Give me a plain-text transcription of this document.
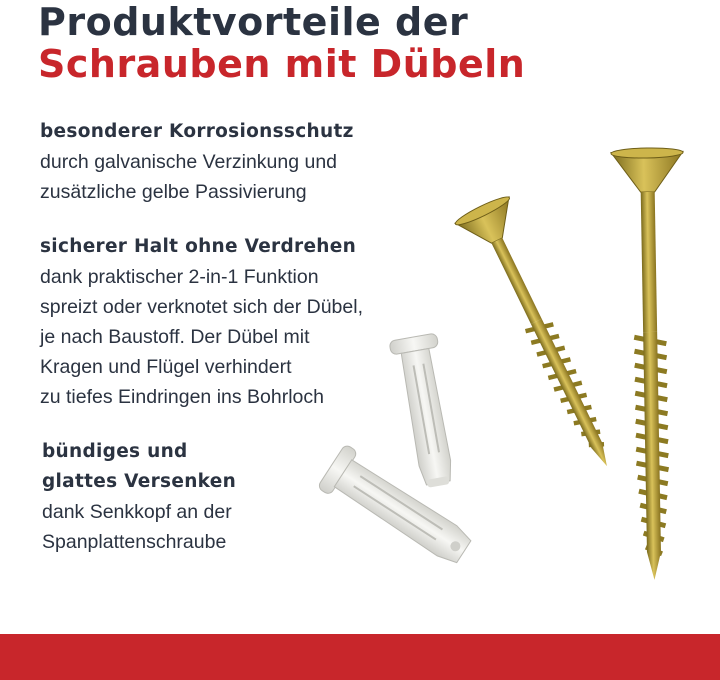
Produktvorteile der
Schrauben mit Dübeln
besonderer Korrosionsschutz

durch galvanische Verzinkung und

zusätzliche gelbe Passivierung

sicherer Halt ohne Verdrehen

dank praktischer 2-in-1 Funktion

spreizt oder verknotet sich der Dübel,

je nach Baustoff. Der Dübel mit

Kragen und Flügel verhindert

zu tiefes Eindringen ins Bohrloch

bündiges und
glattes Versenken

dank Senkkopf an der

Spanplattenschraube
